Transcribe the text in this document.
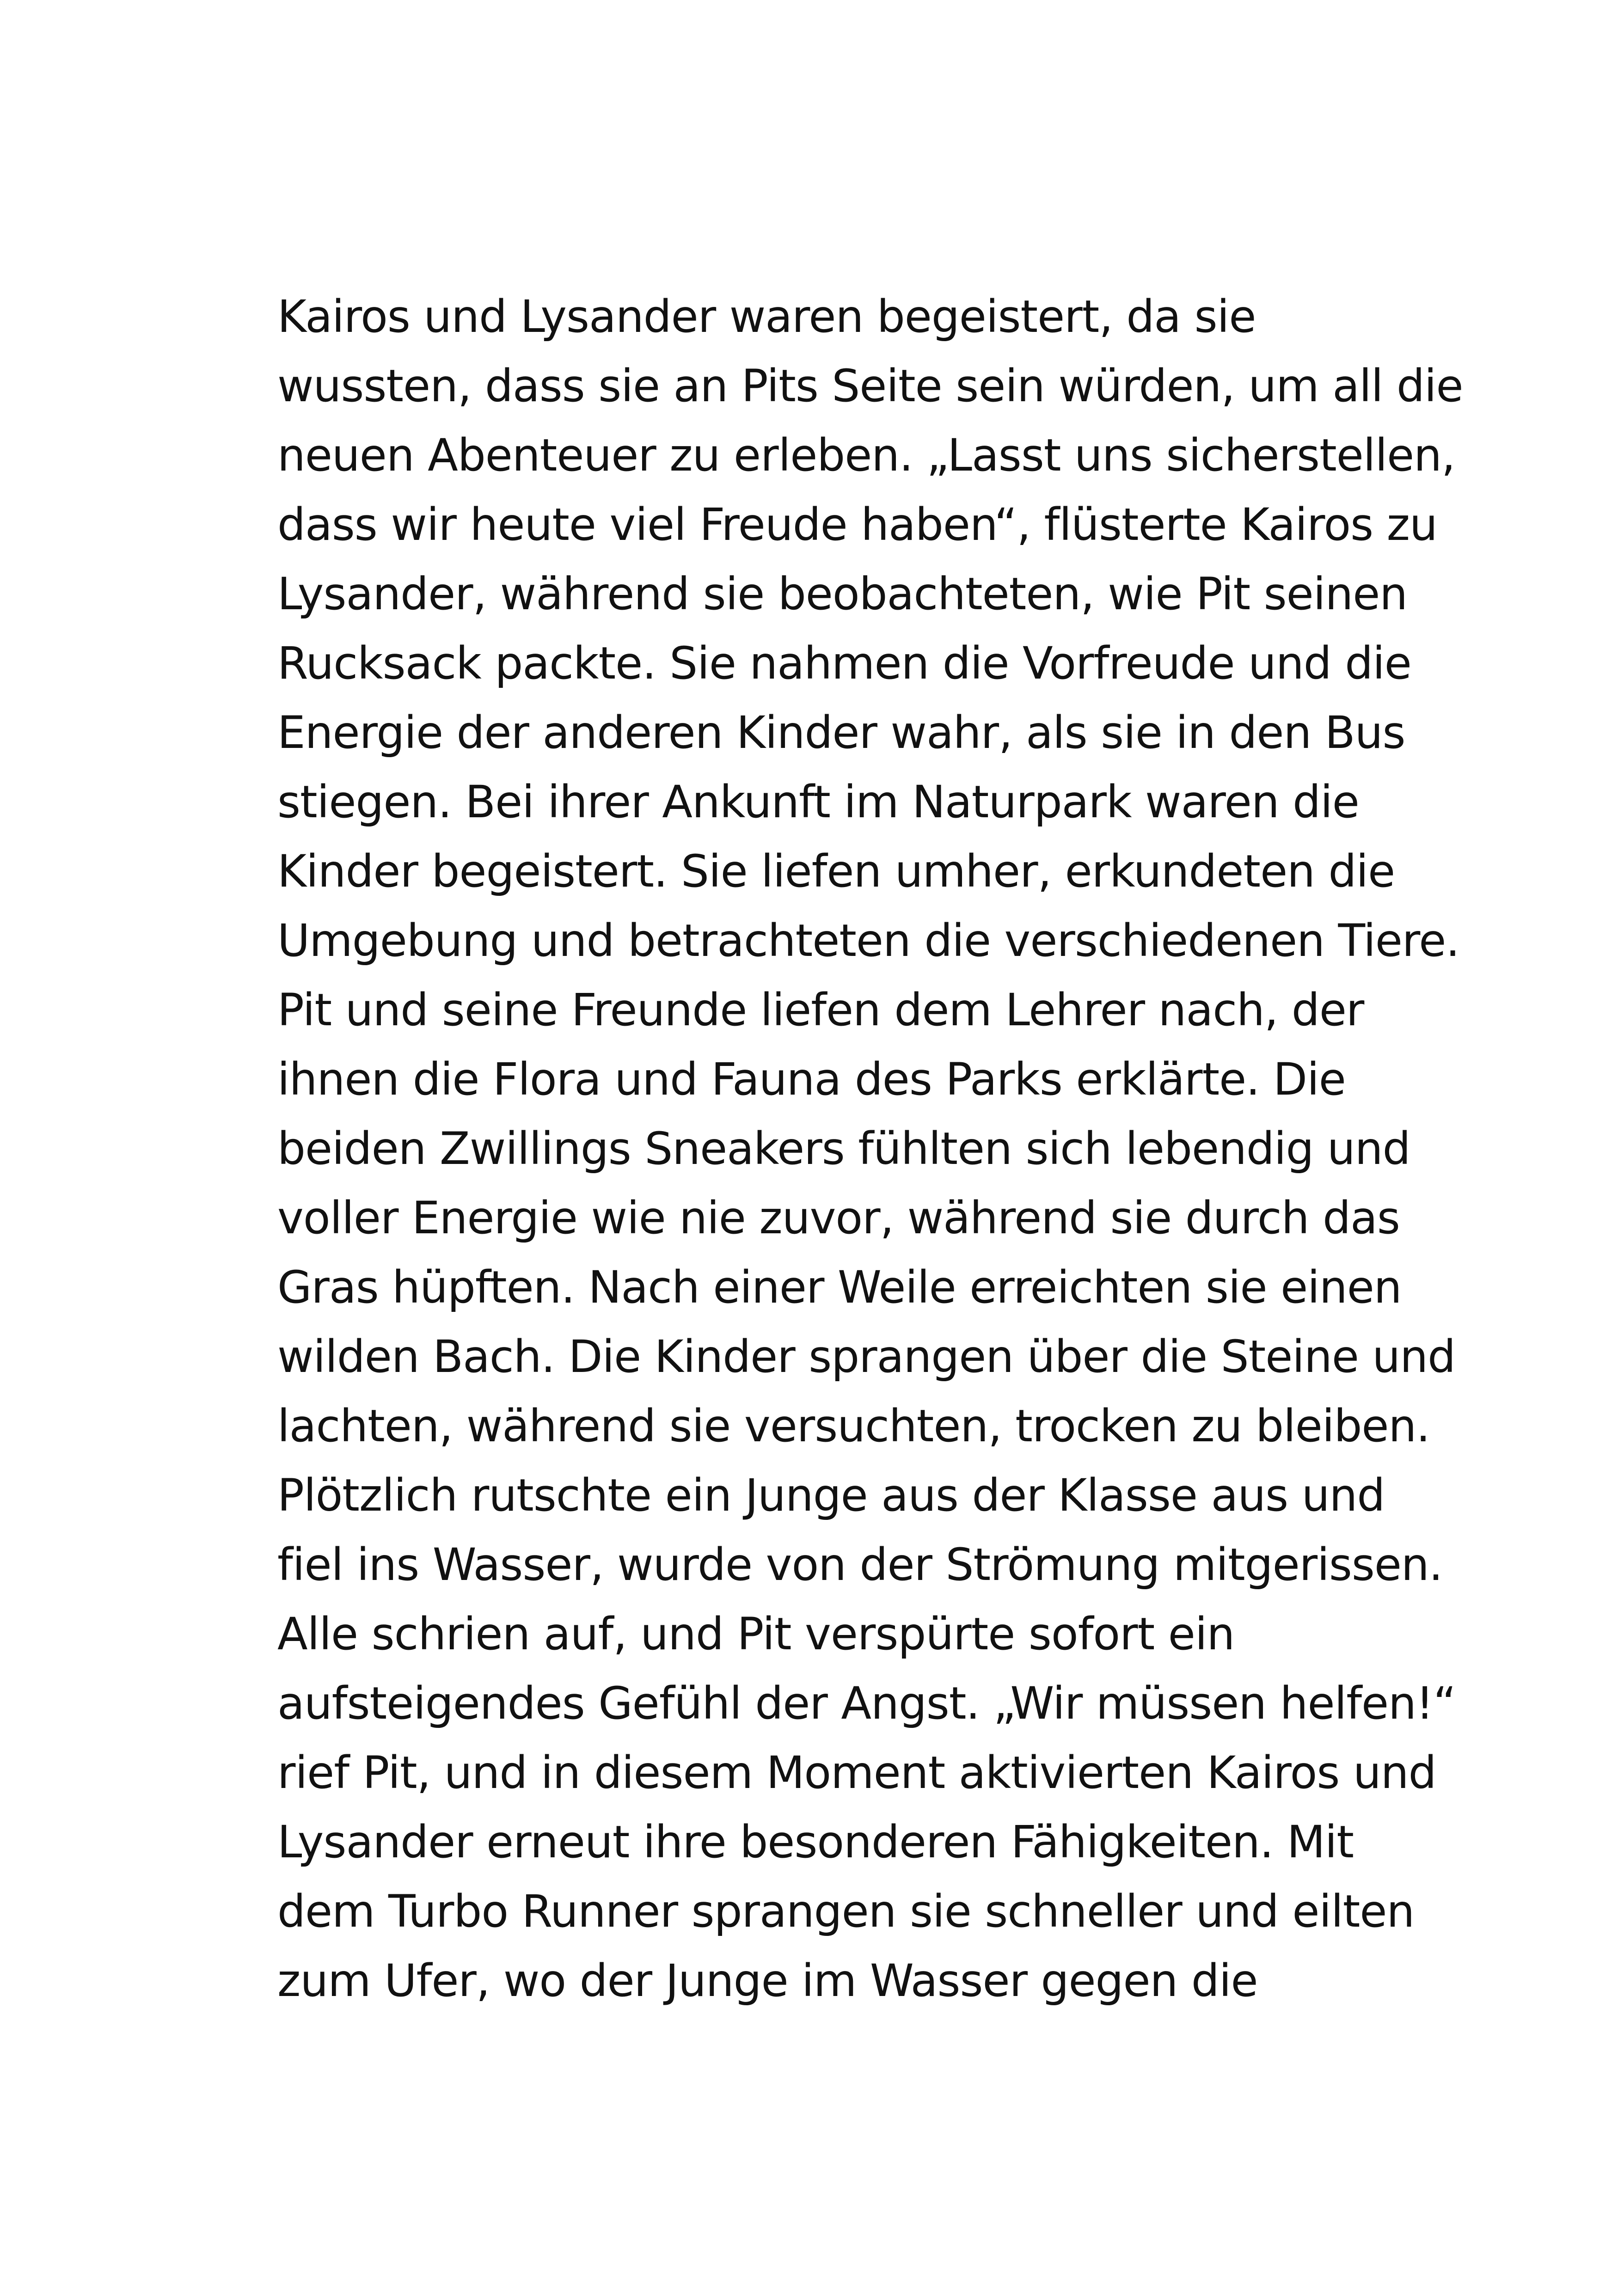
Kairos und Lysander waren begeistert, da sie
wussten, dass sie an Pits Seite sein würden, um all die
neuen Abenteuer zu erleben. „Lasst uns sicherstellen,
dass wir heute viel Freude haben“, flüsterte Kairos zu
Lysander, während sie beobachteten, wie Pit seinen
Rucksack packte. Sie nahmen die Vorfreude und die
Energie der anderen Kinder wahr, als sie in den Bus
stiegen. Bei ihrer Ankunft im Naturpark waren die
Kinder begeistert. Sie liefen umher, erkundeten die
Umgebung und betrachteten die verschiedenen Tiere.
Pit und seine Freunde liefen dem Lehrer nach, der
ihnen die Flora und Fauna des Parks erklärte. Die
beiden Zwillings Sneakers fühlten sich lebendig und
voller Energie wie nie zuvor, während sie durch das
Gras hüpften. Nach einer Weile erreichten sie einen
wilden Bach. Die Kinder sprangen über die Steine und
lachten, während sie versuchten, trocken zu bleiben.
Plötzlich rutschte ein Junge aus der Klasse aus und
fiel ins Wasser, wurde von der Strömung mitgerissen.
Alle schrien auf, und Pit verspürte sofort ein
aufsteigendes Gefühl der Angst. „Wir müssen helfen!“
rief Pit, und in diesem Moment aktivierten Kairos und
Lysander erneut ihre besonderen Fähigkeiten. Mit
dem Turbo Runner sprangen sie schneller und eilten
zum Ufer, wo der Junge im Wasser gegen die
